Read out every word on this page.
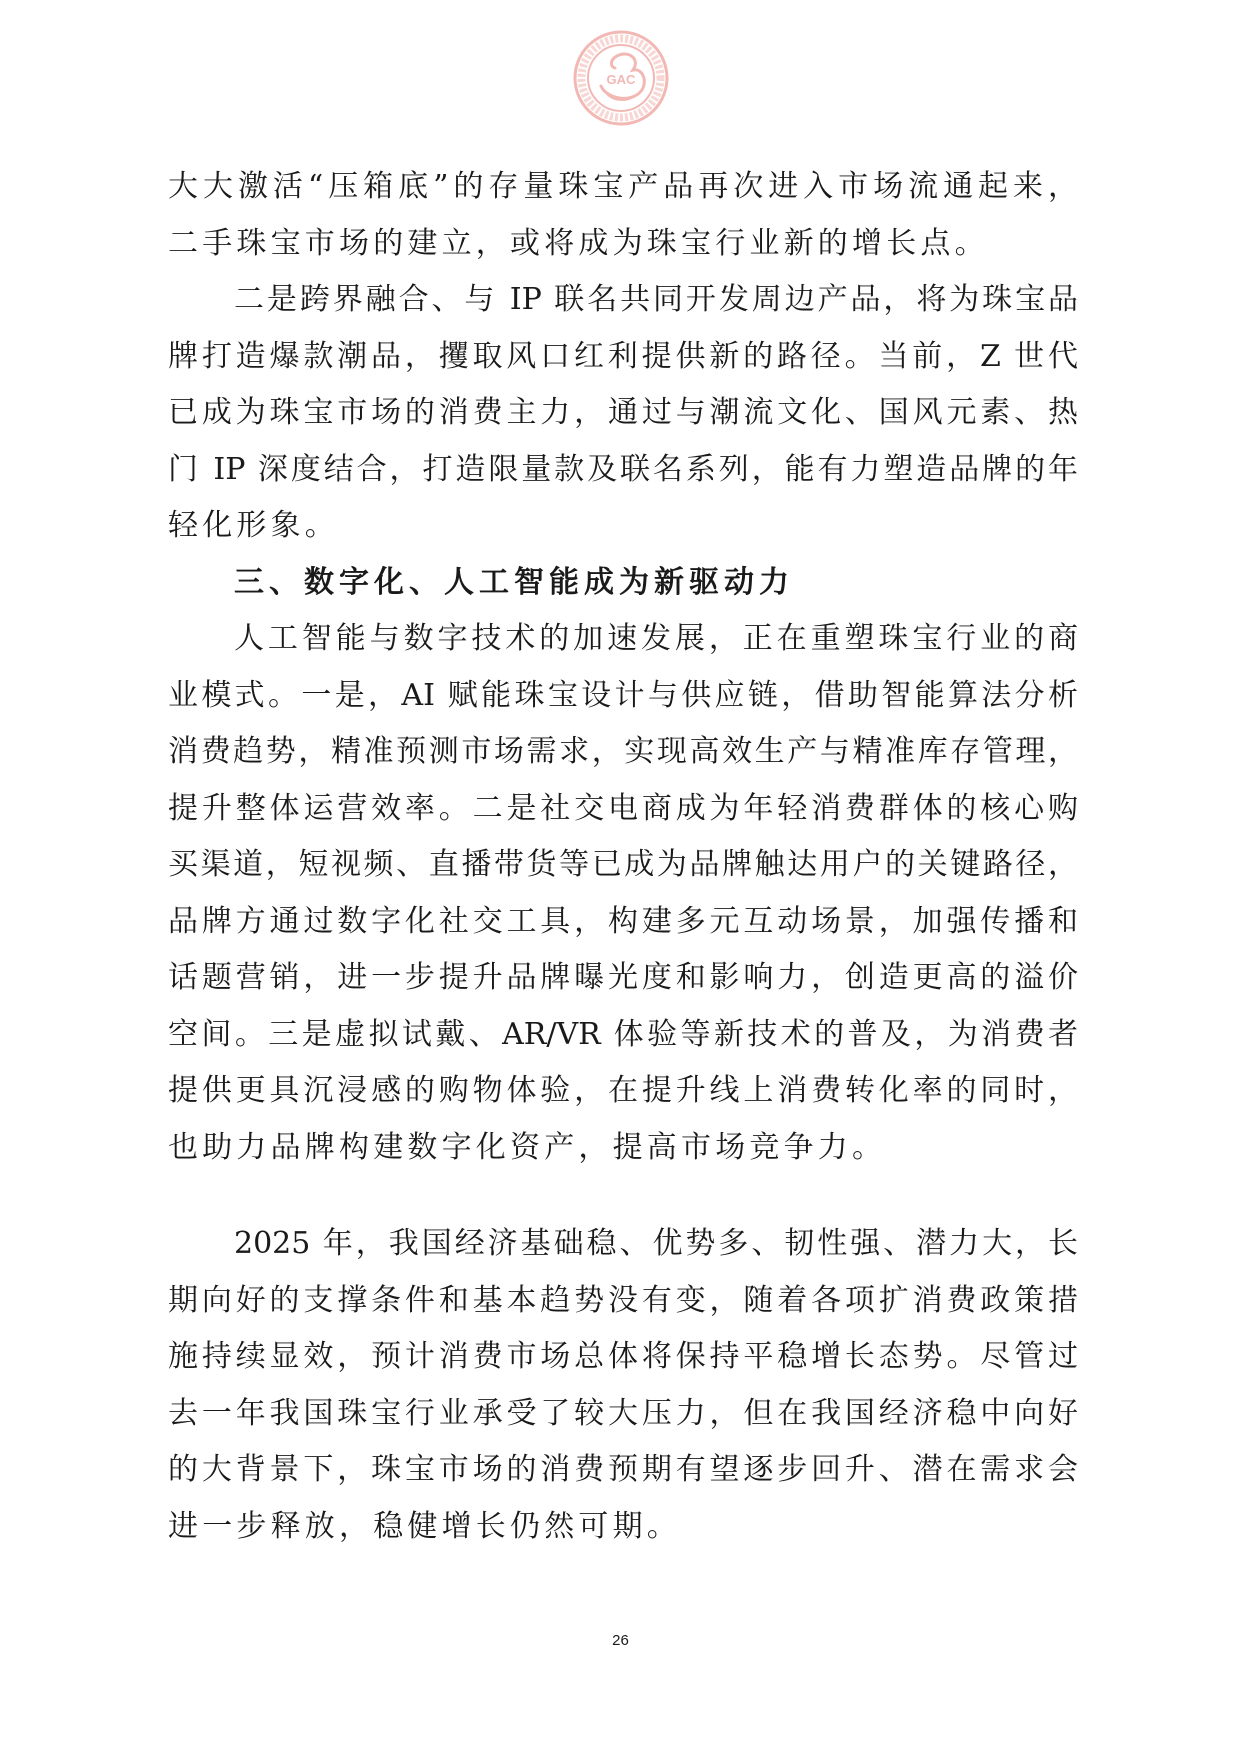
GAC
大大激活“压箱底”的存量珠宝产品再次进入市场流通起来，
二手珠宝市场的建立，或将成为珠宝行业新的增长点。
二是跨界融合、与 IP 联名共同开发周边产品，将为珠宝品
牌打造爆款潮品，攫取风口红利提供新的路径。当前，Z 世代
已成为珠宝市场的消费主力，通过与潮流文化、国风元素、热
门 IP 深度结合，打造限量款及联名系列，能有力塑造品牌的年
轻化形象。
三、数字化、人工智能成为新驱动力
人工智能与数字技术的加速发展，正在重塑珠宝行业的商
业模式。一是，AI 赋能珠宝设计与供应链，借助智能算法分析
消费趋势，精准预测市场需求，实现高效生产与精准库存管理，
提升整体运营效率。二是社交电商成为年轻消费群体的核心购
买渠道，短视频、直播带货等已成为品牌触达用户的关键路径，
品牌方通过数字化社交工具，构建多元互动场景，加强传播和
话题营销，进一步提升品牌曝光度和影响力，创造更高的溢价
空间。三是虚拟试戴、AR/VR 体验等新技术的普及，为消费者
提供更具沉浸感的购物体验，在提升线上消费转化率的同时，
也助力品牌构建数字化资产，提高市场竞争力。
2025 年，我国经济基础稳、优势多、韧性强、潜力大，长
期向好的支撑条件和基本趋势没有变，随着各项扩消费政策措
施持续显效，预计消费市场总体将保持平稳增长态势。尽管过
去一年我国珠宝行业承受了较大压力，但在我国经济稳中向好
的大背景下，珠宝市场的消费预期有望逐步回升、潜在需求会
进一步释放，稳健增长仍然可期。
26
